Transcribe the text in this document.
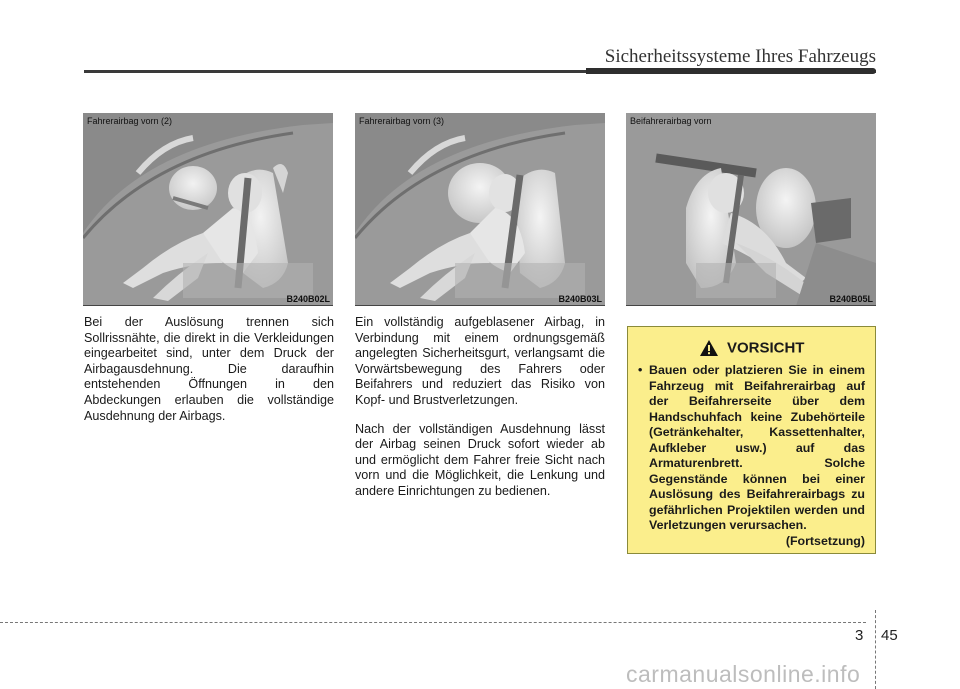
Sicherheitssysteme Ihres Fahrzeugs
Fahrerairbag vorn (2)
B240B02L
Fahrerairbag vorn (3)
B240B03L
Beifahrerairbag vorn
B240B05L

Bei der Auslösung trennen sich Sollrissnähte, die direkt in die Verkleidungen eingearbeitet sind, unter dem Druck der Airbagausdehnung. Die daraufhin entstehenden Öffnungen in den Abdeckungen erlauben die vollständige Ausdehnung der Airbags.

Ein vollständig aufgeblasener Airbag, in Verbindung mit einem ordnungsgemäß angelegten Sicherheitsgurt, verlangsamt die Vorwärtsbewegung des Fahrers oder Beifahrers und reduziert das Risiko von Kopf- und Brustverletzungen.

Nach der vollständigen Ausdehnung lässt der Airbag seinen Druck sofort wieder ab und ermöglicht dem Fahrer freie Sicht nach vorn und die Möglichkeit, die Lenkung und andere Einrichtungen zu bedienen.

VORSICHT
• Bauen oder platzieren Sie in einem Fahrzeug mit Beifahrerairbag auf der Beifahrerseite über dem Handschuhfach keine Zubehörteile (Getränkehalter, Kassettenhalter, Aufkleber usw.) auf das Armaturenbrett. Solche Gegenstände können bei einer Auslösung des Beifahrerairbags zu gefährlichen Projektilen werden und Verletzungen verursachen.
(Fortsetzung)
3 45
carmanualsonline.info
